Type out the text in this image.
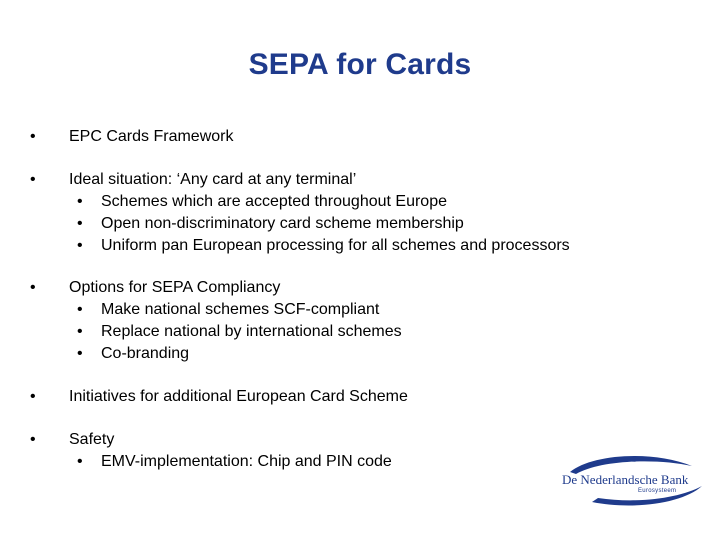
SEPA for Cards
• EPC Cards Framework
• Ideal situation: ‘Any card at any terminal’
• Schemes which are accepted throughout Europe
• Open non-discriminatory card scheme membership
• Uniform pan European processing for all schemes and processors
• Options for SEPA Compliancy
• Make national schemes SCF-compliant
• Replace national by international schemes
• Co-branding
• Initiatives for additional European Card Scheme
• Safety
• EMV-implementation: Chip and PIN code
De Nederlandsche Bank
Eurosysteem
